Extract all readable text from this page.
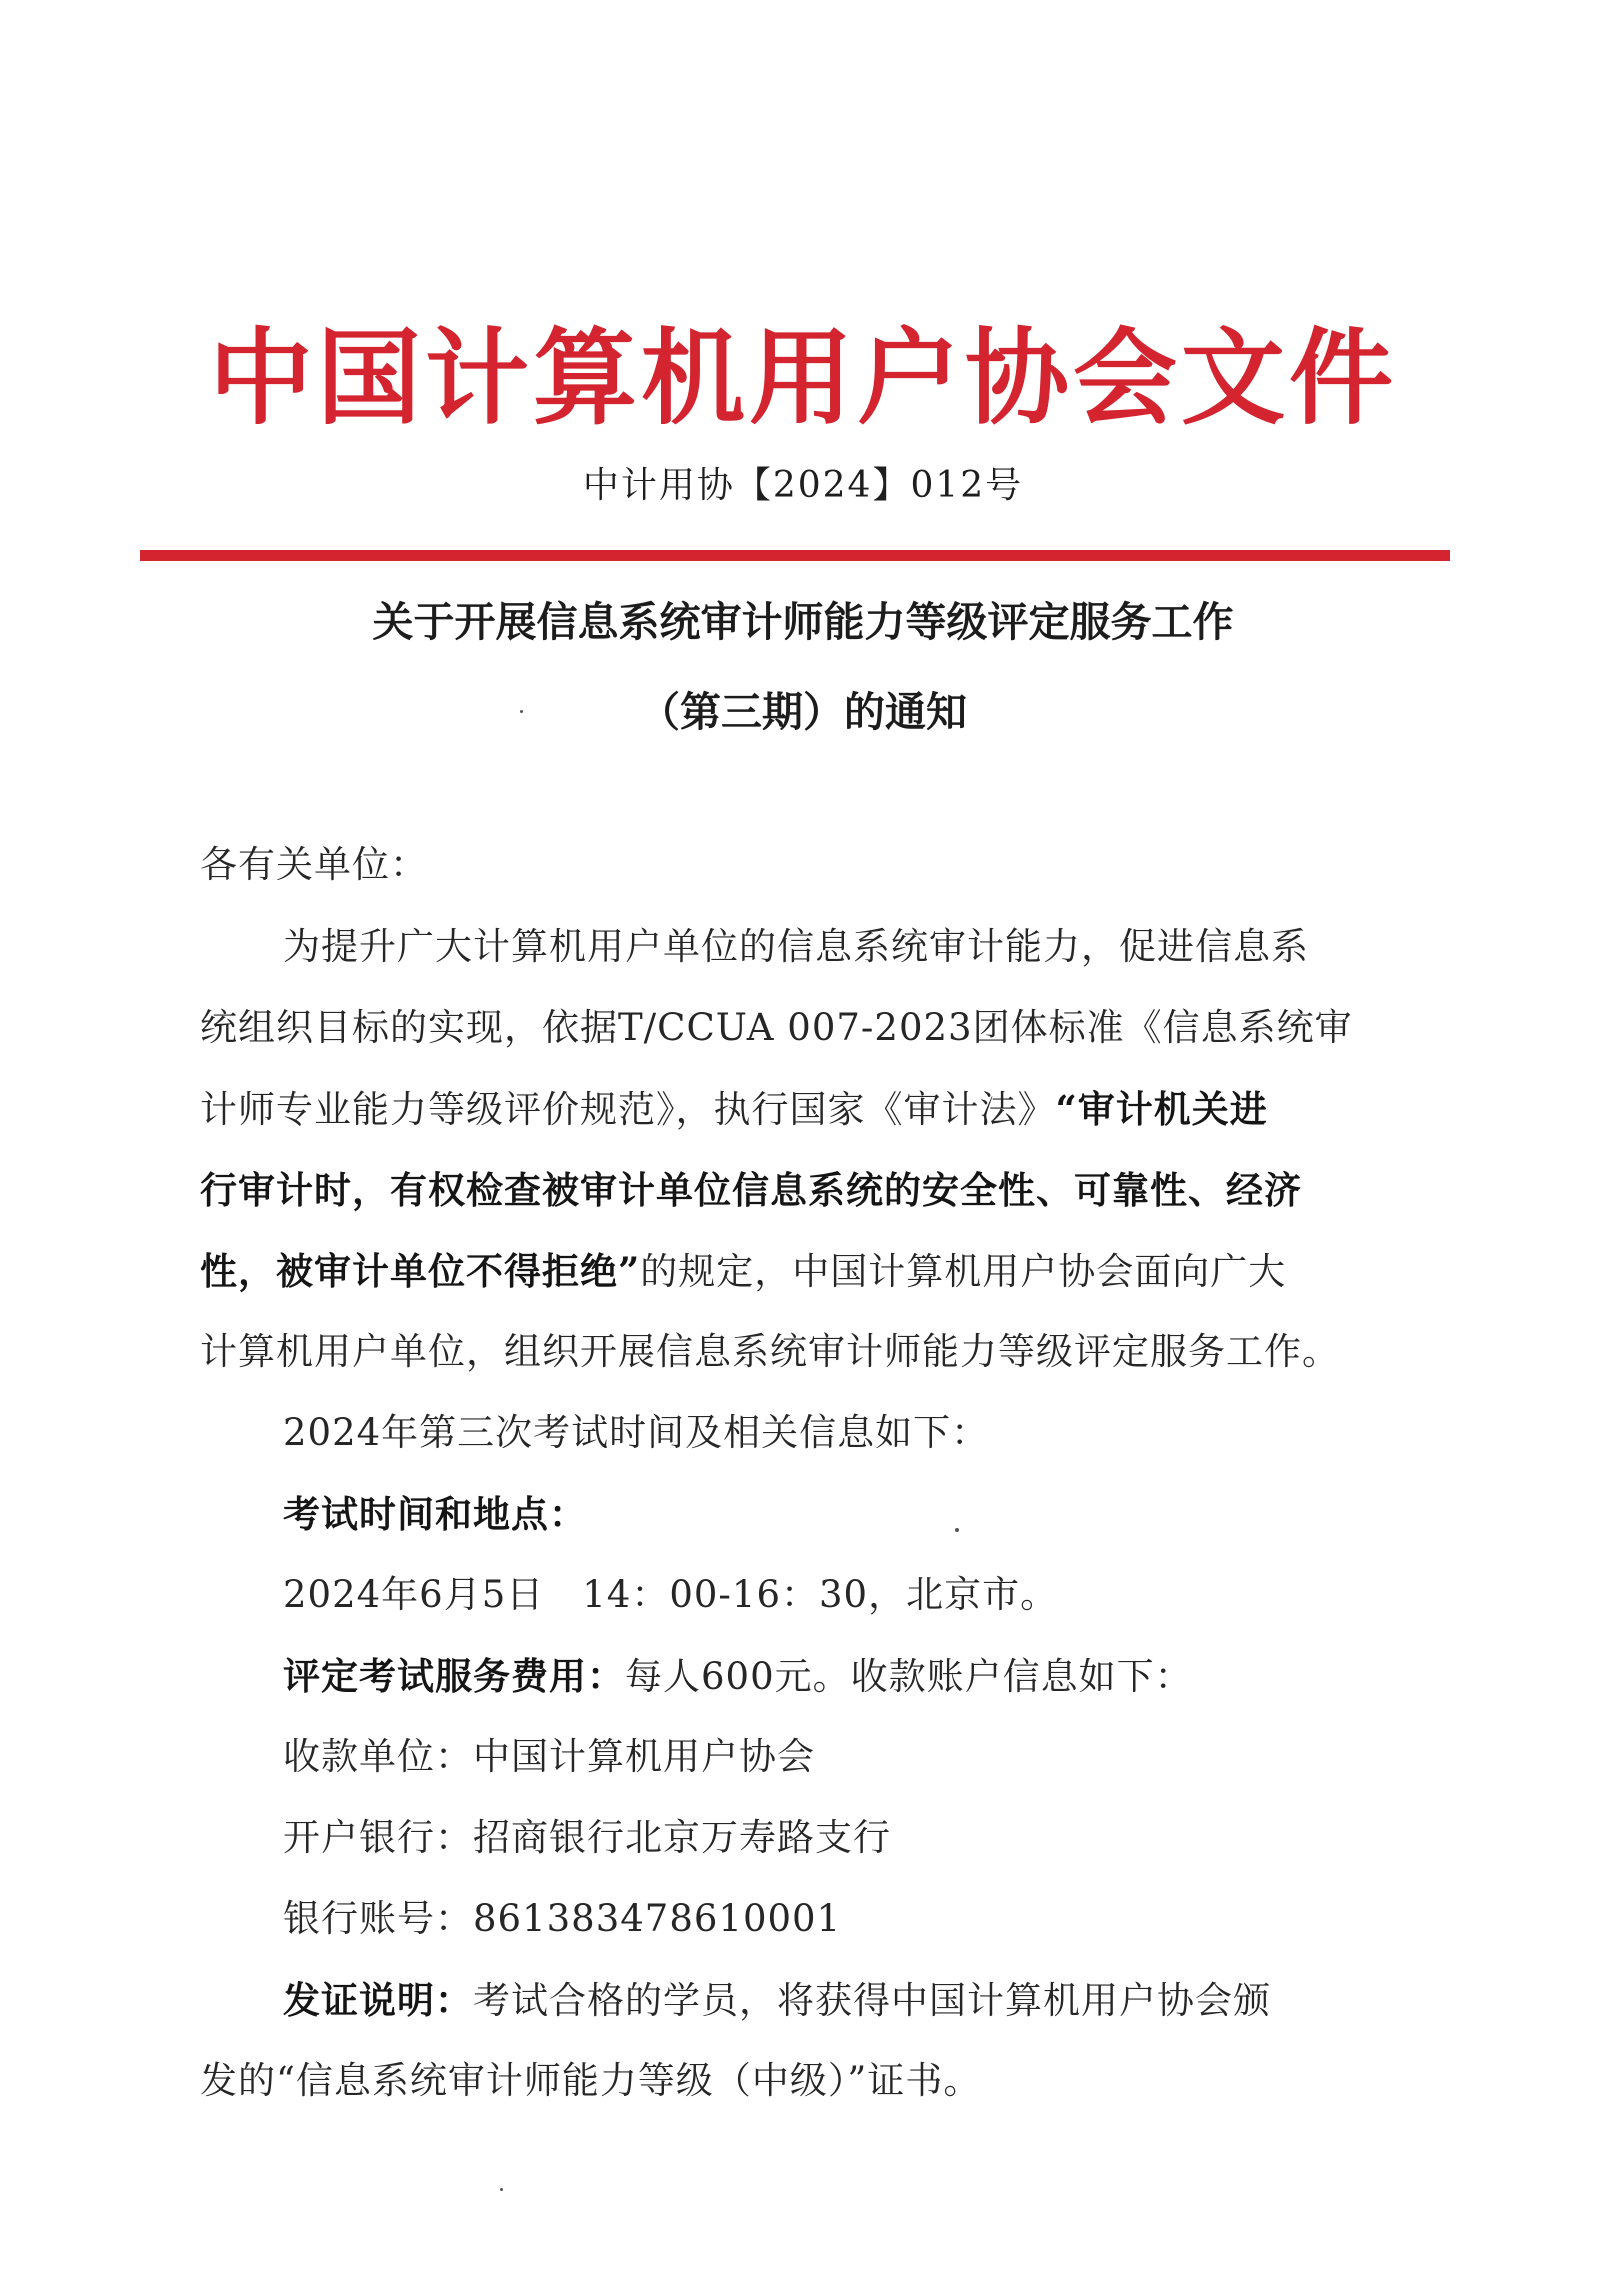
中国计算机用户协会文件
中计用协【2024】012号
关于开展信息系统审计师能力等级评定服务工作
（第三期）的通知
各有关单位：
为提升广大计算机用户单位的信息系统审计能力，促进信息系
统组织目标的实现，依据T/CCUA 007-2023团体标准《信息系统审
计师专业能力等级评价规范》，执行国家《审计法》“审计机关进
行审计时，有权检查被审计单位信息系统的安全性、可靠性、经济
性，被审计单位不得拒绝”的规定，中国计算机用户协会面向广大
计算机用户单位，组织开展信息系统审计师能力等级评定服务工作。
2024年第三次考试时间及相关信息如下：
考试时间和地点：
2024年6月5日　14：00-16：30，北京市。
评定考试服务费用：每人600元。收款账户信息如下：
收款单位：中国计算机用户协会
开户银行：招商银行北京万寿路支行
银行账号：861383478610001
发证说明：考试合格的学员，将获得中国计算机用户协会颁
发的“信息系统审计师能力等级（中级）”证书。
